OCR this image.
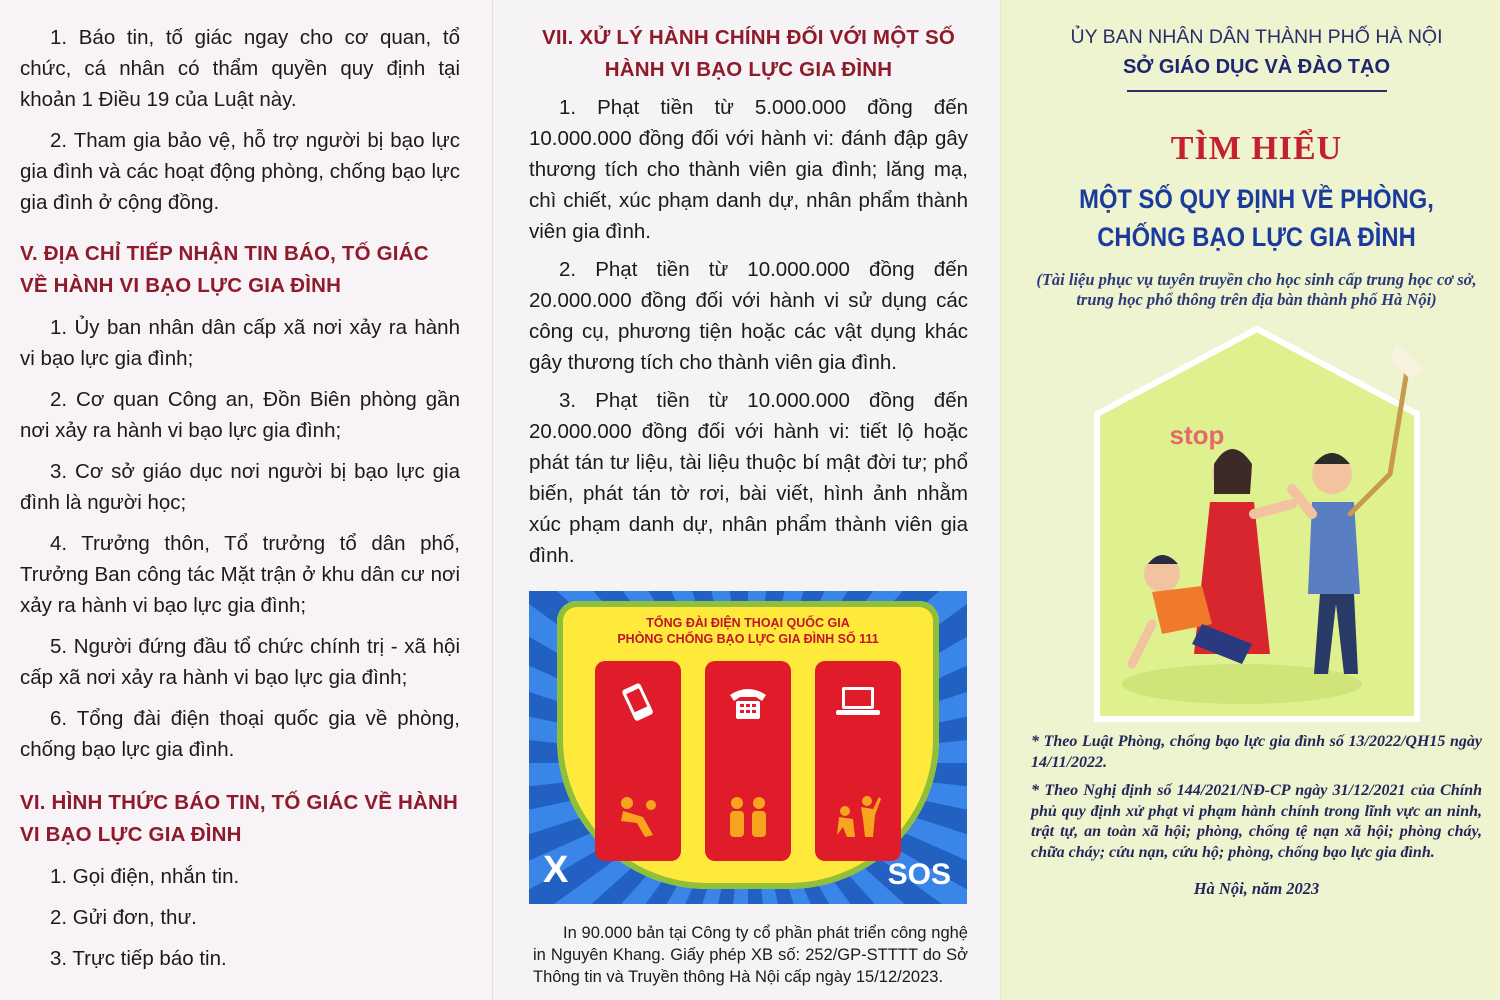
1. Báo tin, tố giác ngay cho cơ quan, tổ chức, cá nhân có thẩm quyền quy định tại khoản 1 Điều 19 của Luật này.

2. Tham gia bảo vệ, hỗ trợ người bị bạo lực gia đình và các hoạt động phòng, chống bạo lực gia đình ở cộng đồng.

V. ĐỊA CHỈ TIẾP NHẬN TIN BÁO, TỐ GIÁC VỀ HÀNH VI BẠO LỰC GIA ĐÌNH

1. Ủy ban nhân dân cấp xã nơi xảy ra hành vi bạo lực gia đình;

2. Cơ quan Công an, Đồn Biên phòng gần nơi xảy ra hành vi bạo lực gia đình;

3. Cơ sở giáo dục nơi người bị bạo lực gia đình là người học;

4. Trưởng thôn, Tổ trưởng tổ dân phố, Trưởng Ban công tác Mặt trận ở khu dân cư nơi xảy ra hành vi bạo lực gia đình;

5. Người đứng đầu tổ chức chính trị - xã hội cấp xã nơi xảy ra hành vi bạo lực gia đình;

6. Tổng đài điện thoại quốc gia về phòng, chống bạo lực gia đình.

VI. HÌNH THỨC BÁO TIN, TỐ GIÁC VỀ HÀNH VI BẠO LỰC GIA ĐÌNH

1. Gọi điện, nhắn tin.

2. Gửi đơn, thư.

3. Trực tiếp báo tin.

VII. XỬ LÝ HÀNH CHÍNH ĐỐI VỚI MỘT SỐ HÀNH VI BẠO LỰC GIA ĐÌNH

1. Phạt tiền từ 5.000.000 đồng đến 10.000.000 đồng đối với hành vi: đánh đập gây thương tích cho thành viên gia đình; lăng mạ, chì chiết, xúc phạm danh dự, nhân phẩm thành viên gia đình.

2. Phạt tiền từ 10.000.000 đồng đến 20.000.000 đồng đối với hành vi sử dụng các công cụ, phương tiện hoặc các vật dụng khác gây thương tích cho thành viên gia đình.

3. Phạt tiền từ 10.000.000 đồng đến 20.000.000 đồng đối với hành vi: tiết lộ hoặc phát tán tư liệu, tài liệu thuộc bí mật đời tư; phổ biến, phát tán tờ rơi, bài viết, hình ảnh nhằm xúc phạm danh dự, nhân phẩm thành viên gia đình.

TỔNG ĐÀI ĐIỆN THOẠI QUỐC GIA
PHÒNG CHỐNG BẠO LỰC GIA ĐÌNH SỐ 111
X	SOS

In 90.000 bản tại Công ty cổ phần phát triển công nghệ in Nguyên Khang. Giấy phép XB số: 252/GP-STTTT do Sở Thông tin và Truyền thông Hà Nội cấp ngày 15/12/2023.

ỦY BAN NHÂN DÂN THÀNH PHỐ HÀ NỘI
SỞ GIÁO DỤC VÀ ĐÀO TẠO
TÌM HIỂU
MỘT SỐ QUY ĐỊNH VỀ PHÒNG,
CHỐNG BẠO LỰC GIA ĐÌNH
(Tài liệu phục vụ tuyên truyền cho học sinh cấp trung học cơ sở, trung học phổ thông trên địa bàn thành phố Hà Nội)
stop

* Theo Luật Phòng, chống bạo lực gia đình số 13/2022/QH15 ngày 14/11/2022.

* Theo Nghị định số 144/2021/NĐ-CP ngày 31/12/2021 của Chính phủ quy định xử phạt vi phạm hành chính trong lĩnh vực an ninh, trật tự, an toàn xã hội; phòng, chống tệ nạn xã hội; phòng cháy, chữa cháy; cứu nạn, cứu hộ; phòng, chống bạo lực gia đình.

Hà Nội, năm 2023
